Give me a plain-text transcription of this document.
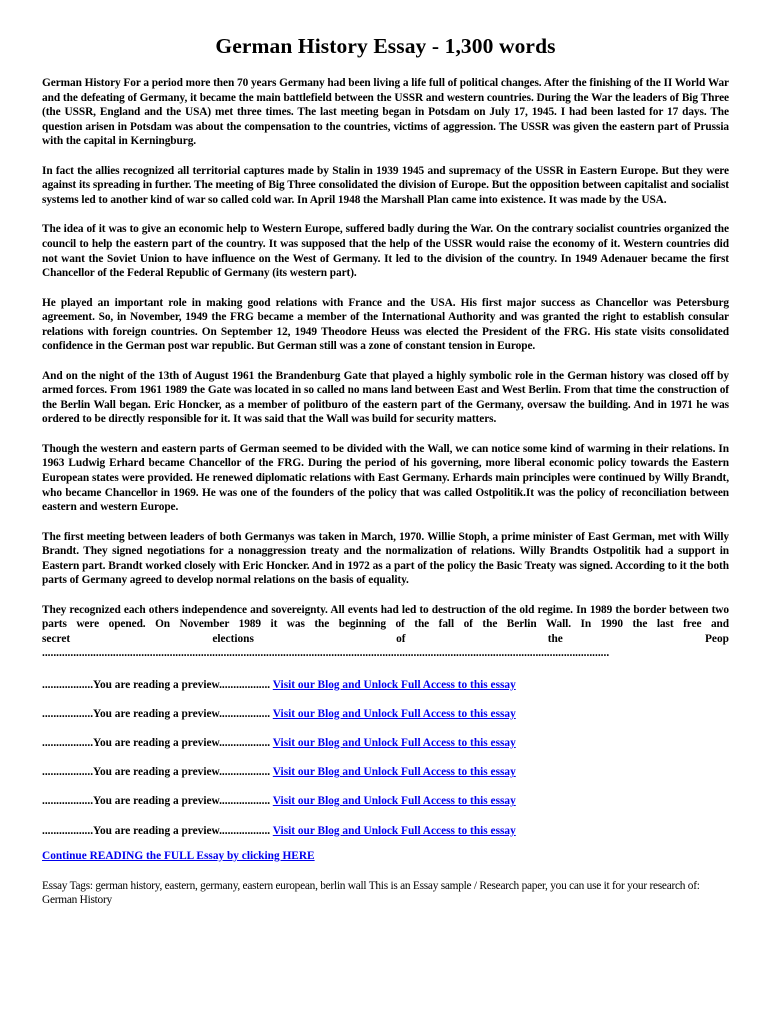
German History Essay - 1,300 words

German History For a period more then 70 years Germany had been living a life full of political changes. After the finishing of the II World War and the defeating of Germany, it became the main battlefield between the USSR and western countries. During the War the leaders of Big Three (the USSR, England and the USA) met three times. The last meeting began in Potsdam on July 17, 1945. I had been lasted for 17 days. The question arisen in Potsdam was about the compensation to the countries, victims of aggression. The USSR was given the eastern part of Prussia with the capital in Kerningburg.

In fact the allies recognized all territorial captures made by Stalin in 1939 1945 and supremacy of the USSR in Eastern Europe. But they were against its spreading in further. The meeting of Big Three consolidated the division of Europe. But the opposition between capitalist and socialist systems led to another kind of war so called cold war. In April 1948 the Marshall Plan came into existence. It was made by the USA.

The idea of it was to give an economic help to Western Europe, suffered badly during the War. On the contrary socialist countries organized the council to help the eastern part of the country. It was supposed that the help of the USSR would raise the economy of it. Western countries did not want the Soviet Union to have influence on the West of Germany. It led to the division of the country. In 1949 Adenauer became the first Chancellor of the Federal Republic of Germany (its western part).

He played an important role in making good relations with France and the USA. His first major success as Chancellor was Petersburg agreement. So, in November, 1949 the FRG became a member of the International Authority and was granted the right to establish consular relations with foreign countries. On September 12, 1949 Theodore Heuss was elected the President of the FRG. His state visits consolidated confidence in the German post war republic. But German still was a zone of constant tension in Europe.

And on the night of the 13th of August 1961 the Brandenburg Gate that played a highly symbolic role in the German history was closed off by armed forces. From 1961 1989 the Gate was located in so called no mans land between East and West Berlin. From that time the construction of the Berlin Wall began. Eric Honcker, as a member of politburo of the eastern part of the Germany, oversaw the building. And in 1971 he was ordered to be directly responsible for it. It was said that the Wall was build for security matters.

Though the western and eastern parts of German seemed to be divided with the Wall, we can notice some kind of warming in their relations. In 1963 Ludwig Erhard became Chancellor of the FRG. During the period of his governing, more liberal economic policy towards the Eastern European states were provided. He renewed diplomatic relations with East Germany. Erhards main principles were continued by Willy Brandt, who became Chancellor in 1969. He was one of the founders of the policy that was called Ostpolitik.It was the policy of reconciliation between eastern and western Europe.

The first meeting between leaders of both Germanys was taken in March, 1970. Willie Stoph, a prime minister of East German, met with Willy Brandt. They signed negotiations for a nonaggression treaty and the normalization of relations. Willy Brandts Ostpolitik had a support in Eastern part. Brandt worked closely with Eric Honcker. And in 1972 as a part of the policy the Basic Treaty was signed. According to it the both parts of Germany agreed to develop normal relations on the basis of equality.

They recognized each others independence and sovereignty. All events had led to destruction of the old regime. In 1989 the border between two parts were opened. On November 1989 it was the beginning of the fall of the Berlin Wall. In 1990 the last free and

secret	elections	of	the	Peop
........................................................................................................................................................................................................
..................You are reading a preview.................. Visit our Blog and Unlock Full Access to this essay
..................You are reading a preview.................. Visit our Blog and Unlock Full Access to this essay
..................You are reading a preview.................. Visit our Blog and Unlock Full Access to this essay
..................You are reading a preview.................. Visit our Blog and Unlock Full Access to this essay
..................You are reading a preview.................. Visit our Blog and Unlock Full Access to this essay
..................You are reading a preview.................. Visit our Blog and Unlock Full Access to this essay
Continue READING the FULL Essay by clicking HERE
Essay Tags: german history, eastern, germany, eastern european, berlin wall This is an Essay sample / Research paper, you can use it for your research of: German History
